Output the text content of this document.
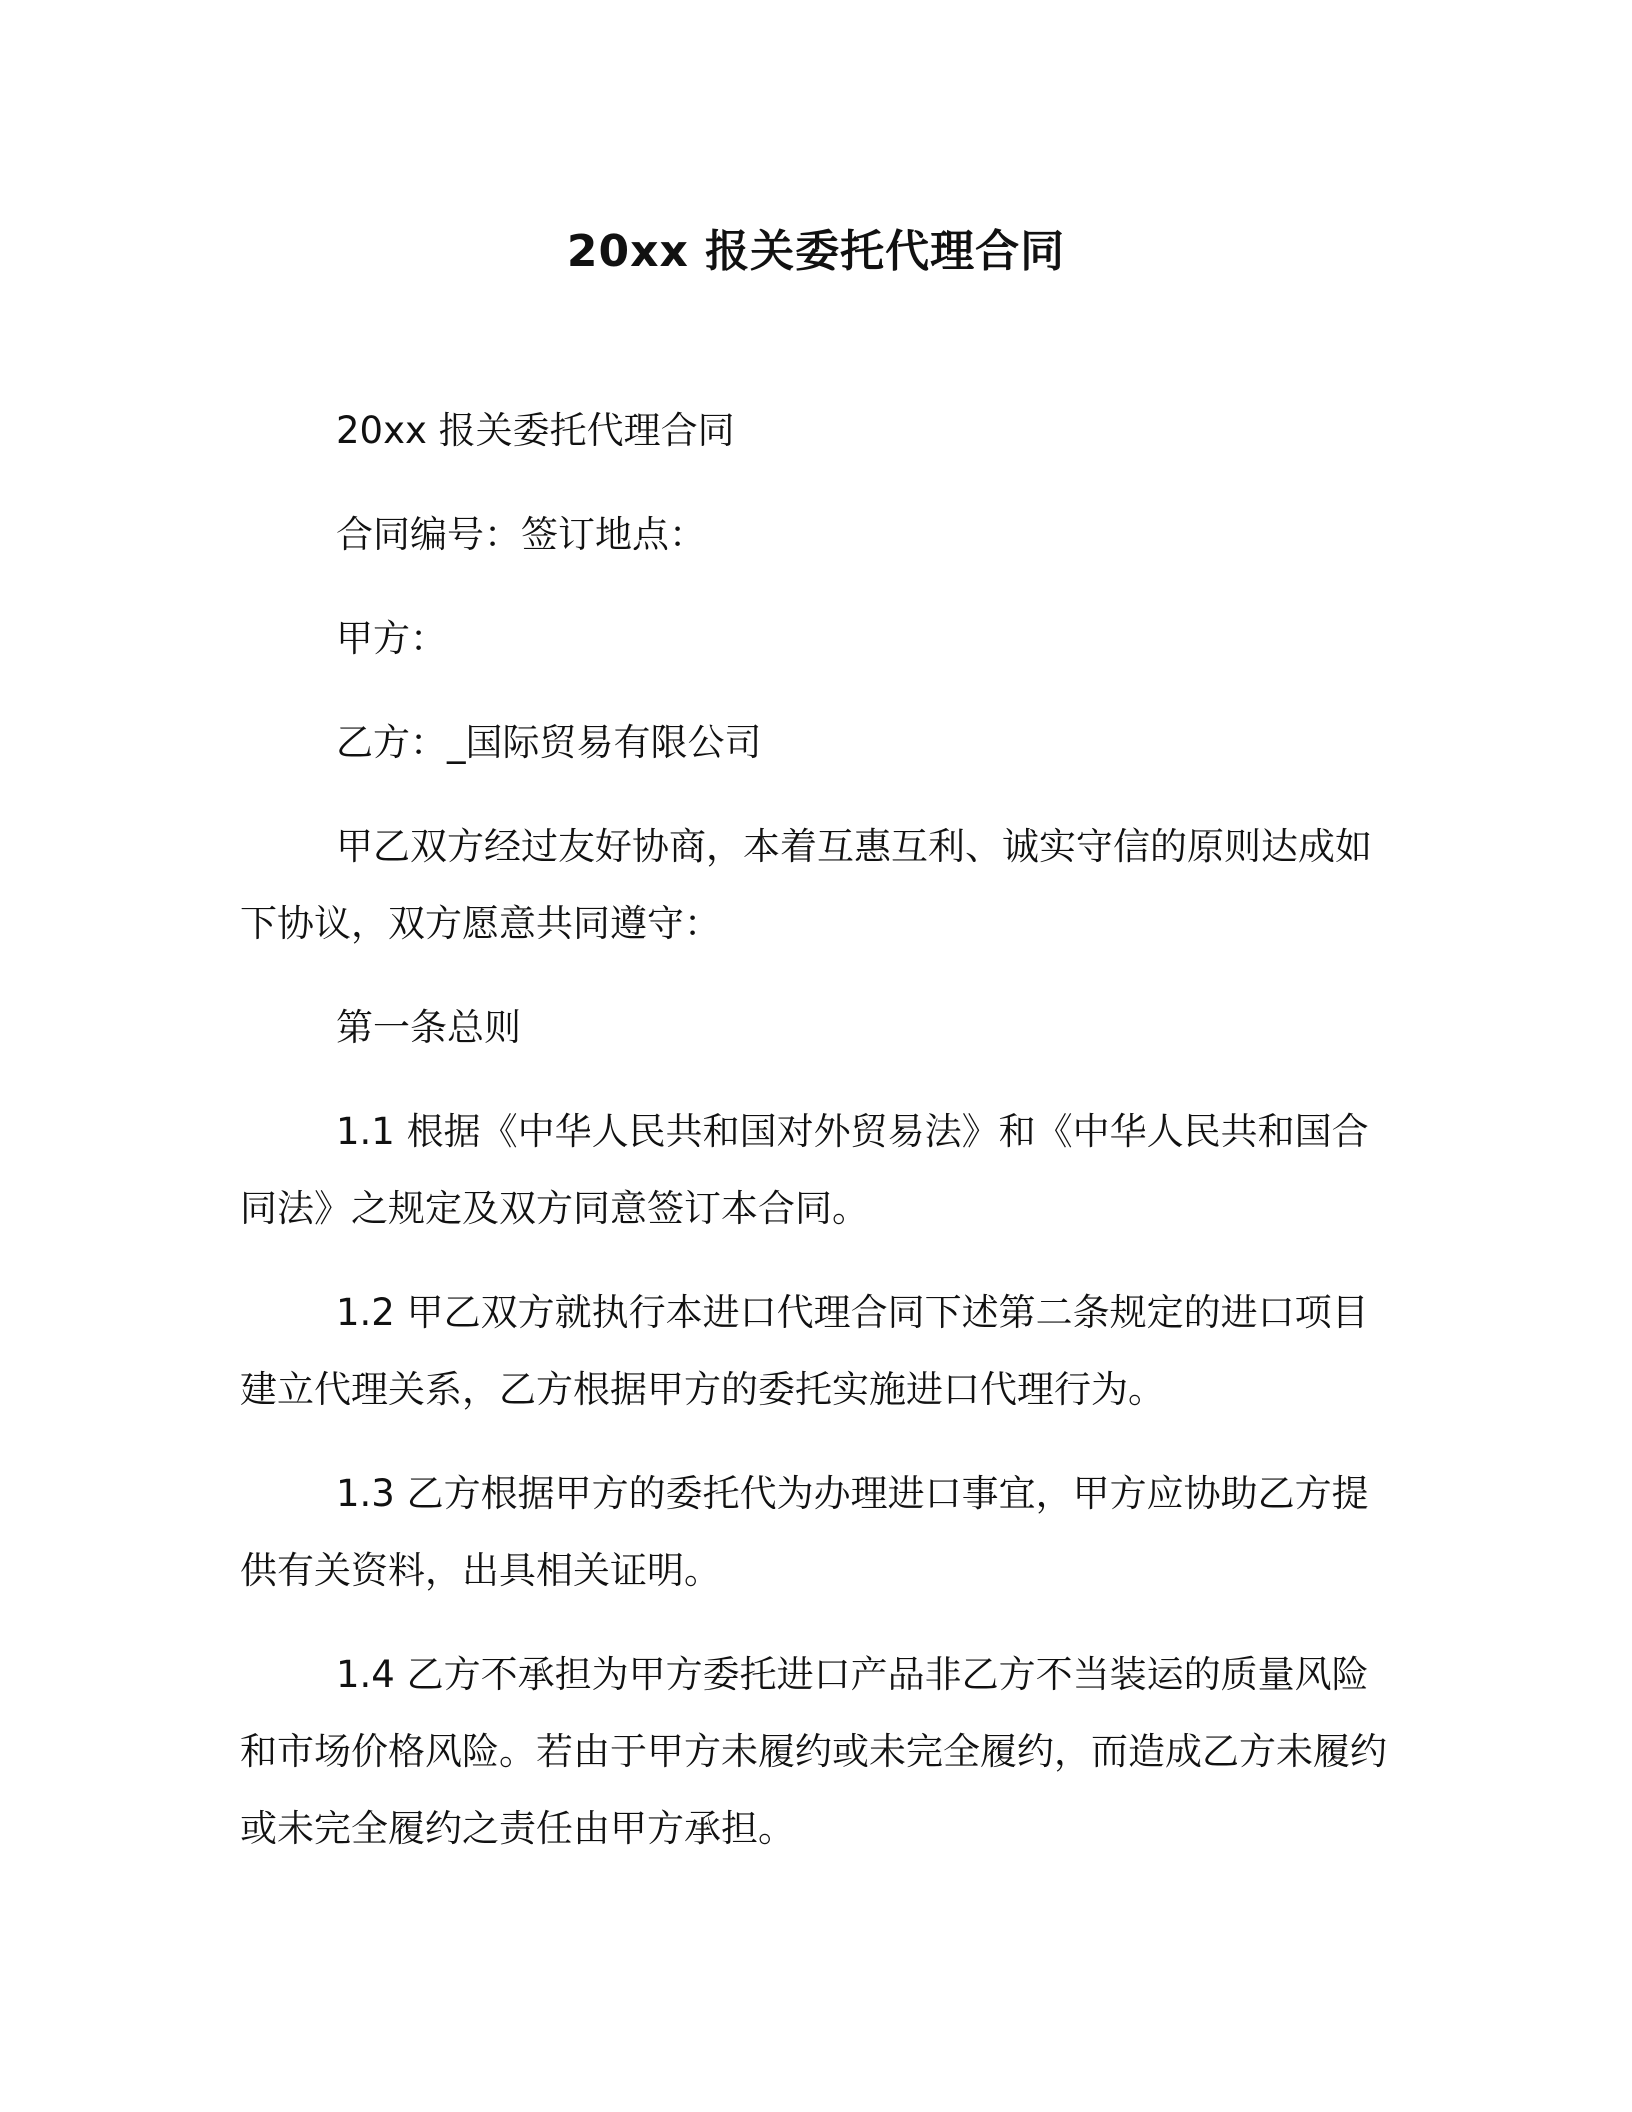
20xx 报关委托代理合同

20xx 报关委托代理合同

合同编号：签订地点：

甲方：

乙方：_国际贸易有限公司

甲乙双方经过友好协商，本着互惠互利、诚实守信的原则达成如下协议，双方愿意共同遵守：

第一条总则

1.1 根据《中华人民共和国对外贸易法》和《中华人民共和国合同法》之规定及双方同意签订本合同。

1.2 甲乙双方就执行本进口代理合同下述第二条规定的进口项目建立代理关系，乙方根据甲方的委托实施进口代理行为。

1.3 乙方根据甲方的委托代为办理进口事宜，甲方应协助乙方提供有关资料，出具相关证明。

1.4 乙方不承担为甲方委托进口产品非乙方不当装运的质量风险和市场价格风险。若由于甲方未履约或未完全履约，而造成乙方未履约或未完全履约之责任由甲方承担。
